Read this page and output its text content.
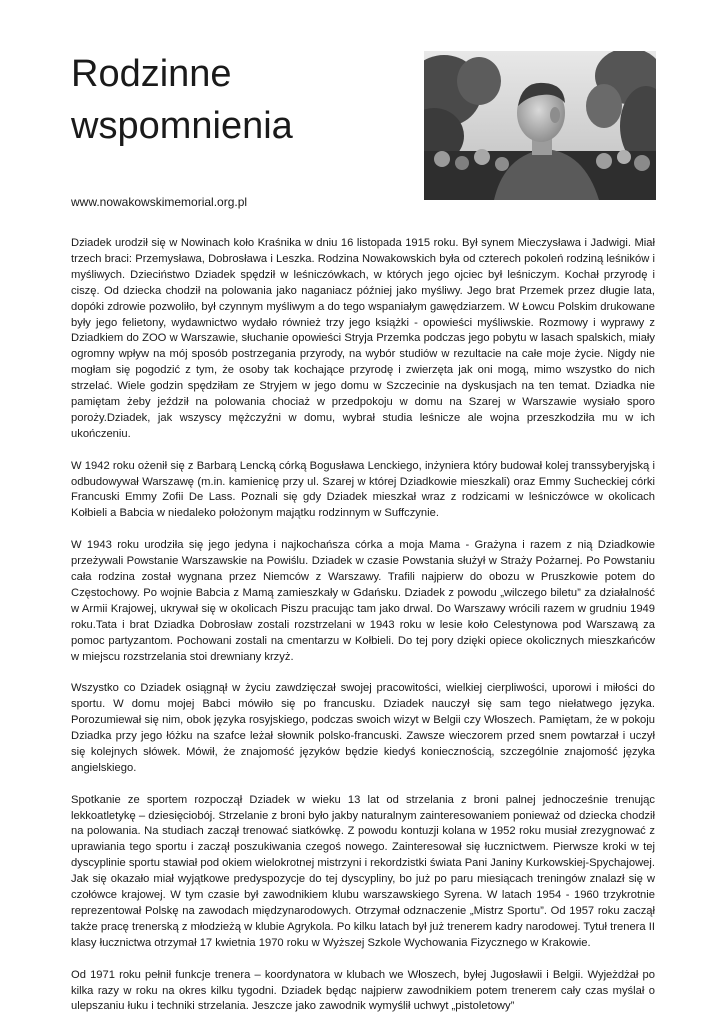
Rodzinne
wspomnienia
www.nowakowskimemorial.org.pl

Dziadek urodził się w Nowinach koło Kraśnika w dniu 16 listopada 1915 roku. Był synem Mieczysława i Jadwigi. Miał trzech braci: Przemysława, Dobrosława i Leszka. Rodzina Nowakowskich była od czterech pokoleń rodziną leśników i myśliwych. Dzieciństwo Dziadek spędził w leśniczówkach, w których jego ojciec był leśniczym. Kochał przyrodę i ciszę. Od dziecka chodził na polowania jako naganiacz później jako myśliwy. Jego brat Przemek przez długie lata, dopóki zdrowie pozwoliło, był czynnym myśliwym a do tego wspaniałym gawędziarzem. W Łowcu Polskim drukowane były jego felietony, wydawnictwo wydało również trzy jego książki - opowieści myśliwskie. Rozmowy i wyprawy z Dziadkiem do ZOO w Warszawie, słuchanie opowieści Stryja Przemka podczas jego pobytu w lasach spalskich, miały ogromny wpływ na mój sposób postrzegania przyrody, na wybór studiów w rezultacie na całe moje życie. Nigdy nie mogłam się pogodzić z tym, że osoby tak kochające przyrodę i zwierzęta jak oni mogą, mimo wszystko do nich strzelać. Wiele godzin spędziłam ze Stryjem w jego domu w Szczecinie na dyskusjach na ten temat. Dziadka nie pamiętam żeby jeździł na polowania chociaż w przedpokoju w domu na Szarej w Warszawie wysiało sporo poroży.Dziadek, jak wszyscy mężczyźni w domu, wybrał studia leśnicze ale wojna przeszkodziła mu w ich ukończeniu.

W 1942 roku ożenił się z Barbarą Lencką córką Bogusława Lenckiego, inżyniera który budował kolej transsyberyjską i odbudowywał Warszawę (m.in. kamienicę przy ul. Szarej w której Dziadkowie mieszkali) oraz Emmy Sucheckiej córki Francuski Emmy Zofii De Lass. Poznali się gdy Dziadek mieszkał wraz z rodzicami w leśniczówce w okolicach Kołbieli a Babcia w niedaleko położonym majątku rodzinnym w Suffczynie.

W 1943 roku urodziła się jego jedyna i najkochańsza córka a moja Mama - Grażyna i razem z nią Dziadkowie przeżywali Powstanie Warszawskie na Powiślu. Dziadek w czasie Powstania służył w Straży Pożarnej. Po Powstaniu cała rodzina został wygnana przez Niemców z Warszawy. Trafili najpierw do obozu w Pruszkowie potem do Częstochowy. Po wojnie Babcia z Mamą zamieszkały w Gdańsku. Dziadek z powodu „wilczego biletu” za działalność w Armii Krajowej, ukrywał się w okolicach Piszu pracując tam jako drwal. Do Warszawy wrócili razem w grudniu 1949 roku.Tata i brat Dziadka Dobrosław zostali rozstrzelani w 1943 roku w lesie koło Celestynowa pod Warszawą za pomoc partyzantom. Pochowani zostali na cmentarzu w Kołbieli. Do tej pory dzięki opiece okolicznych mieszkańców w miejscu rozstrzelania stoi drewniany krzyż.

Wszystko co Dziadek osiągnął w życiu zawdzięczał swojej pracowitości, wielkiej cierpliwości, uporowi i miłości do sportu. W domu mojej Babci mówiło się po francusku. Dziadek nauczył się sam tego niełatwego języka. Porozumiewał się nim, obok języka rosyjskiego, podczas swoich wizyt w Belgii czy Włoszech. Pamiętam, że w pokoju Dziadka przy jego łóżku na szafce leżał słownik polsko-francuski. Zawsze wieczorem przed snem powtarzał i uczył się kolejnych słówek. Mówił, że znajomość języków będzie kiedyś koniecznością, szczególnie znajomość języka angielskiego.

Spotkanie ze sportem rozpoczął Dziadek w wieku 13 lat od strzelania z broni palnej jednocześnie trenując lekkoatletykę – dziesięciobój. Strzelanie z broni było jakby naturalnym zainteresowaniem ponieważ od dziecka chodził na polowania. Na studiach zaczął trenować siatkówkę. Z powodu kontuzji kolana w 1952 roku musiał zrezygnować z uprawiania tego sportu i zaczął poszukiwania czegoś nowego. Zainteresował się łucznictwem. Pierwsze kroki w tej dyscyplinie sportu stawiał pod okiem wielokrotnej mistrzyni i rekordzistki świata Pani Janiny Kurkowskiej-Spychajowej. Jak się okazało miał wyjątkowe predyspozycje do tej dyscypliny, bo już po paru miesiącach treningów znalazł się w czołówce krajowej. W tym czasie był zawodnikiem klubu warszawskiego Syrena. W latach 1954 - 1960 trzykrotnie reprezentował Polskę na zawodach międzynarodowych. Otrzymał odznaczenie „Mistrz Sportu”. Od 1957 roku zaczął także pracę trenerską z młodzieżą w klubie Agrykola. Po kilku latach był już trenerem kadry narodowej. Tytuł trenera II klasy łucznictwa otrzymał 17 kwietnia 1970 roku w Wyższej Szkole Wychowania Fizycznego w Krakowie.

Od 1971 roku pełnił funkcje trenera – koordynatora w klubach we Włoszech, byłej Jugosławii i Belgii. Wyjeżdżał po kilka razy w roku na okres kilku tygodni. Dziadek będąc najpierw zawodnikiem potem trenerem cały czas myślał o ulepszaniu łuku i techniki strzelania. Jeszcze jako zawodnik wymyślił uchwyt „pistoletowy”
